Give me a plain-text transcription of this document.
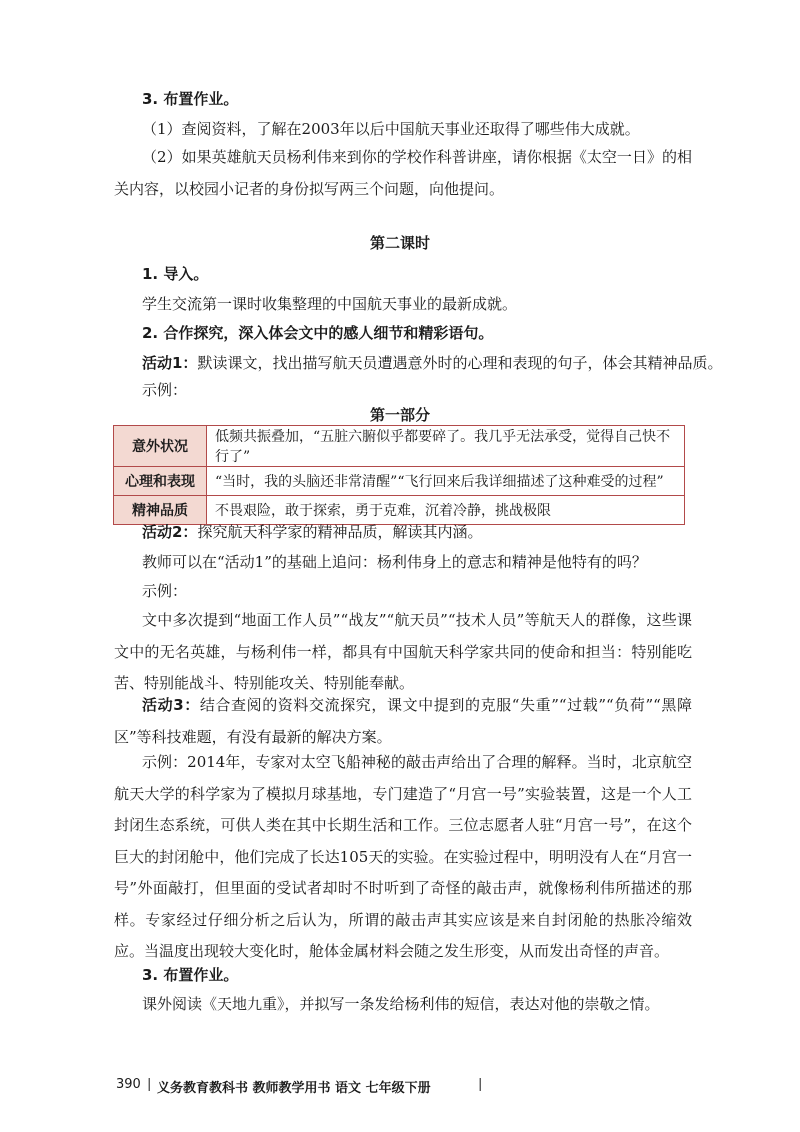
3. 布置作业。
（1）查阅资料，了解在2003年以后中国航天事业还取得了哪些伟大成就。
（2）如果英雄航天员杨利伟来到你的学校作科普讲座，请你根据《太空一日》的相关内容，以校园小记者的身份拟写两三个问题，向他提问。
第二课时
1. 导入。
学生交流第一课时收集整理的中国航天事业的最新成就。
2. 合作探究，深入体会文中的感人细节和精彩语句。
活动1：默读课文，找出描写航天员遭遇意外时的心理和表现的句子，体会其精神品质。
示例：
第一部分
意外状况	低频共振叠加，“五脏六腑似乎都要碎了。我几乎无法承受，觉得自己快不行了”
心理和表现	“当时，我的头脑还非常清醒”“飞行回来后我详细描述了这种难受的过程”
精神品质	不畏艰险，敢于探索，勇于克难，沉着冷静，挑战极限
活动2：探究航天科学家的精神品质，解读其内涵。
教师可以在“活动1”的基础上追问：杨利伟身上的意志和精神是他特有的吗？
示例：
文中多次提到“地面工作人员”“战友”“航天员”“技术人员”等航天人的群像，这些课文中的无名英雄，与杨利伟一样，都具有中国航天科学家共同的使命和担当：特别能吃苦、特别能战斗、特别能攻关、特别能奉献。
活动3：结合查阅的资料交流探究，课文中提到的克服“失重”“过载”“负荷”“黑障区”等科技难题，有没有最新的解决方案。
示例：2014年，专家对太空飞船神秘的敲击声给出了合理的解释。当时，北京航空航天大学的科学家为了模拟月球基地，专门建造了“月宫一号”实验装置，这是一个人工封闭生态系统，可供人类在其中长期生活和工作。三位志愿者人驻“月宫一号”，在这个巨大的封闭舱中，他们完成了长达105天的实验。在实验过程中，明明没有人在“月宫一号”外面敲打，但里面的受试者却时不时听到了奇怪的敲击声，就像杨利伟所描述的那样。专家经过仔细分析之后认为，所谓的敲击声其实应该是来自封闭舱的热胀冷缩效应。当温度出现较大变化时，舱体金属材料会随之发生形变，从而发出奇怪的声音。
3. 布置作业。
课外阅读《天地九重》，并拟写一条发给杨利伟的短信，表达对他的崇敬之情。
390 | 义务教育教科书 教师教学用书 语文 七年级下册	|
